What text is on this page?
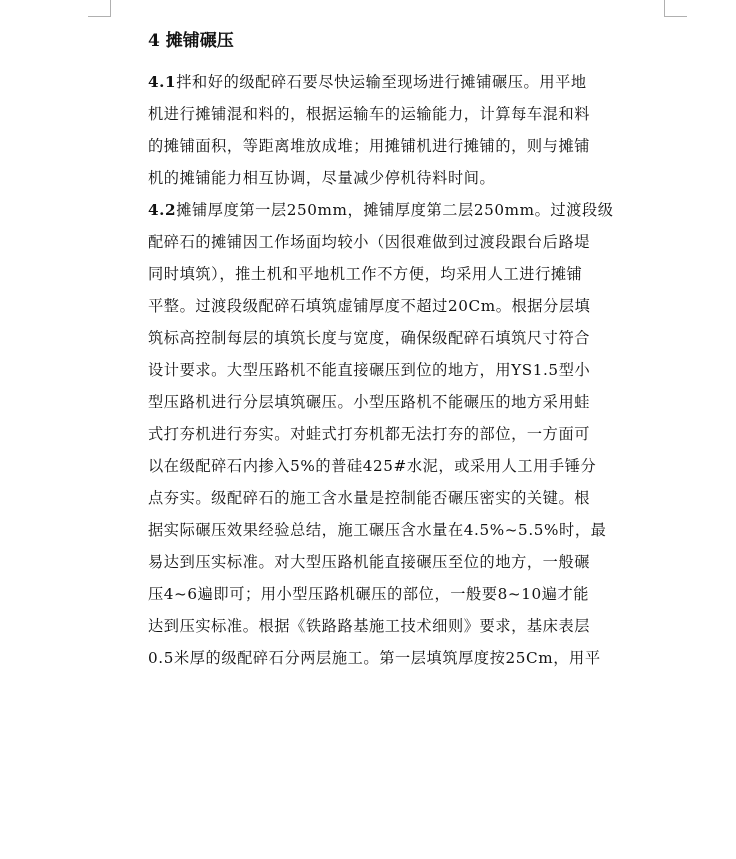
4 摊铺碾压
4.1拌和好的级配碎石要尽快运输至现场进行摊铺碾压。用平地
机进行摊铺混和料的，根据运输车的运输能力，计算每车混和料
的摊铺面积，等距离堆放成堆；用摊铺机进行摊铺的，则与摊铺
机的摊铺能力相互协调，尽量减少停机待料时间。
4.2摊铺厚度第一层250mm，摊铺厚度第二层250mm。过渡段级
配碎石的摊铺因工作场面均较小（因很难做到过渡段跟台后路堤
同时填筑），推土机和平地机工作不方便，均采用人工进行摊铺
平整。过渡段级配碎石填筑虚铺厚度不超过20Cm。根据分层填
筑标高控制每层的填筑长度与宽度，确保级配碎石填筑尺寸符合
设计要求。大型压路机不能直接碾压到位的地方，用YS1.5型小
型压路机进行分层填筑碾压。小型压路机不能碾压的地方采用蛙
式打夯机进行夯实。对蛙式打夯机都无法打夯的部位，一方面可
以在级配碎石内掺入5%的普硅425#水泥，或采用人工用手锤分
点夯实。级配碎石的施工含水量是控制能否碾压密实的关键。根
据实际碾压效果经验总结，施工碾压含水量在4.5%~5.5%时，最
易达到压实标准。对大型压路机能直接碾压至位的地方，一般碾
压4~6遍即可；用小型压路机碾压的部位，一般要8~10遍才能
达到压实标准。根据《铁路路基施工技术细则》要求，基床表层
0.5米厚的级配碎石分两层施工。第一层填筑厚度按25Cm，用平
